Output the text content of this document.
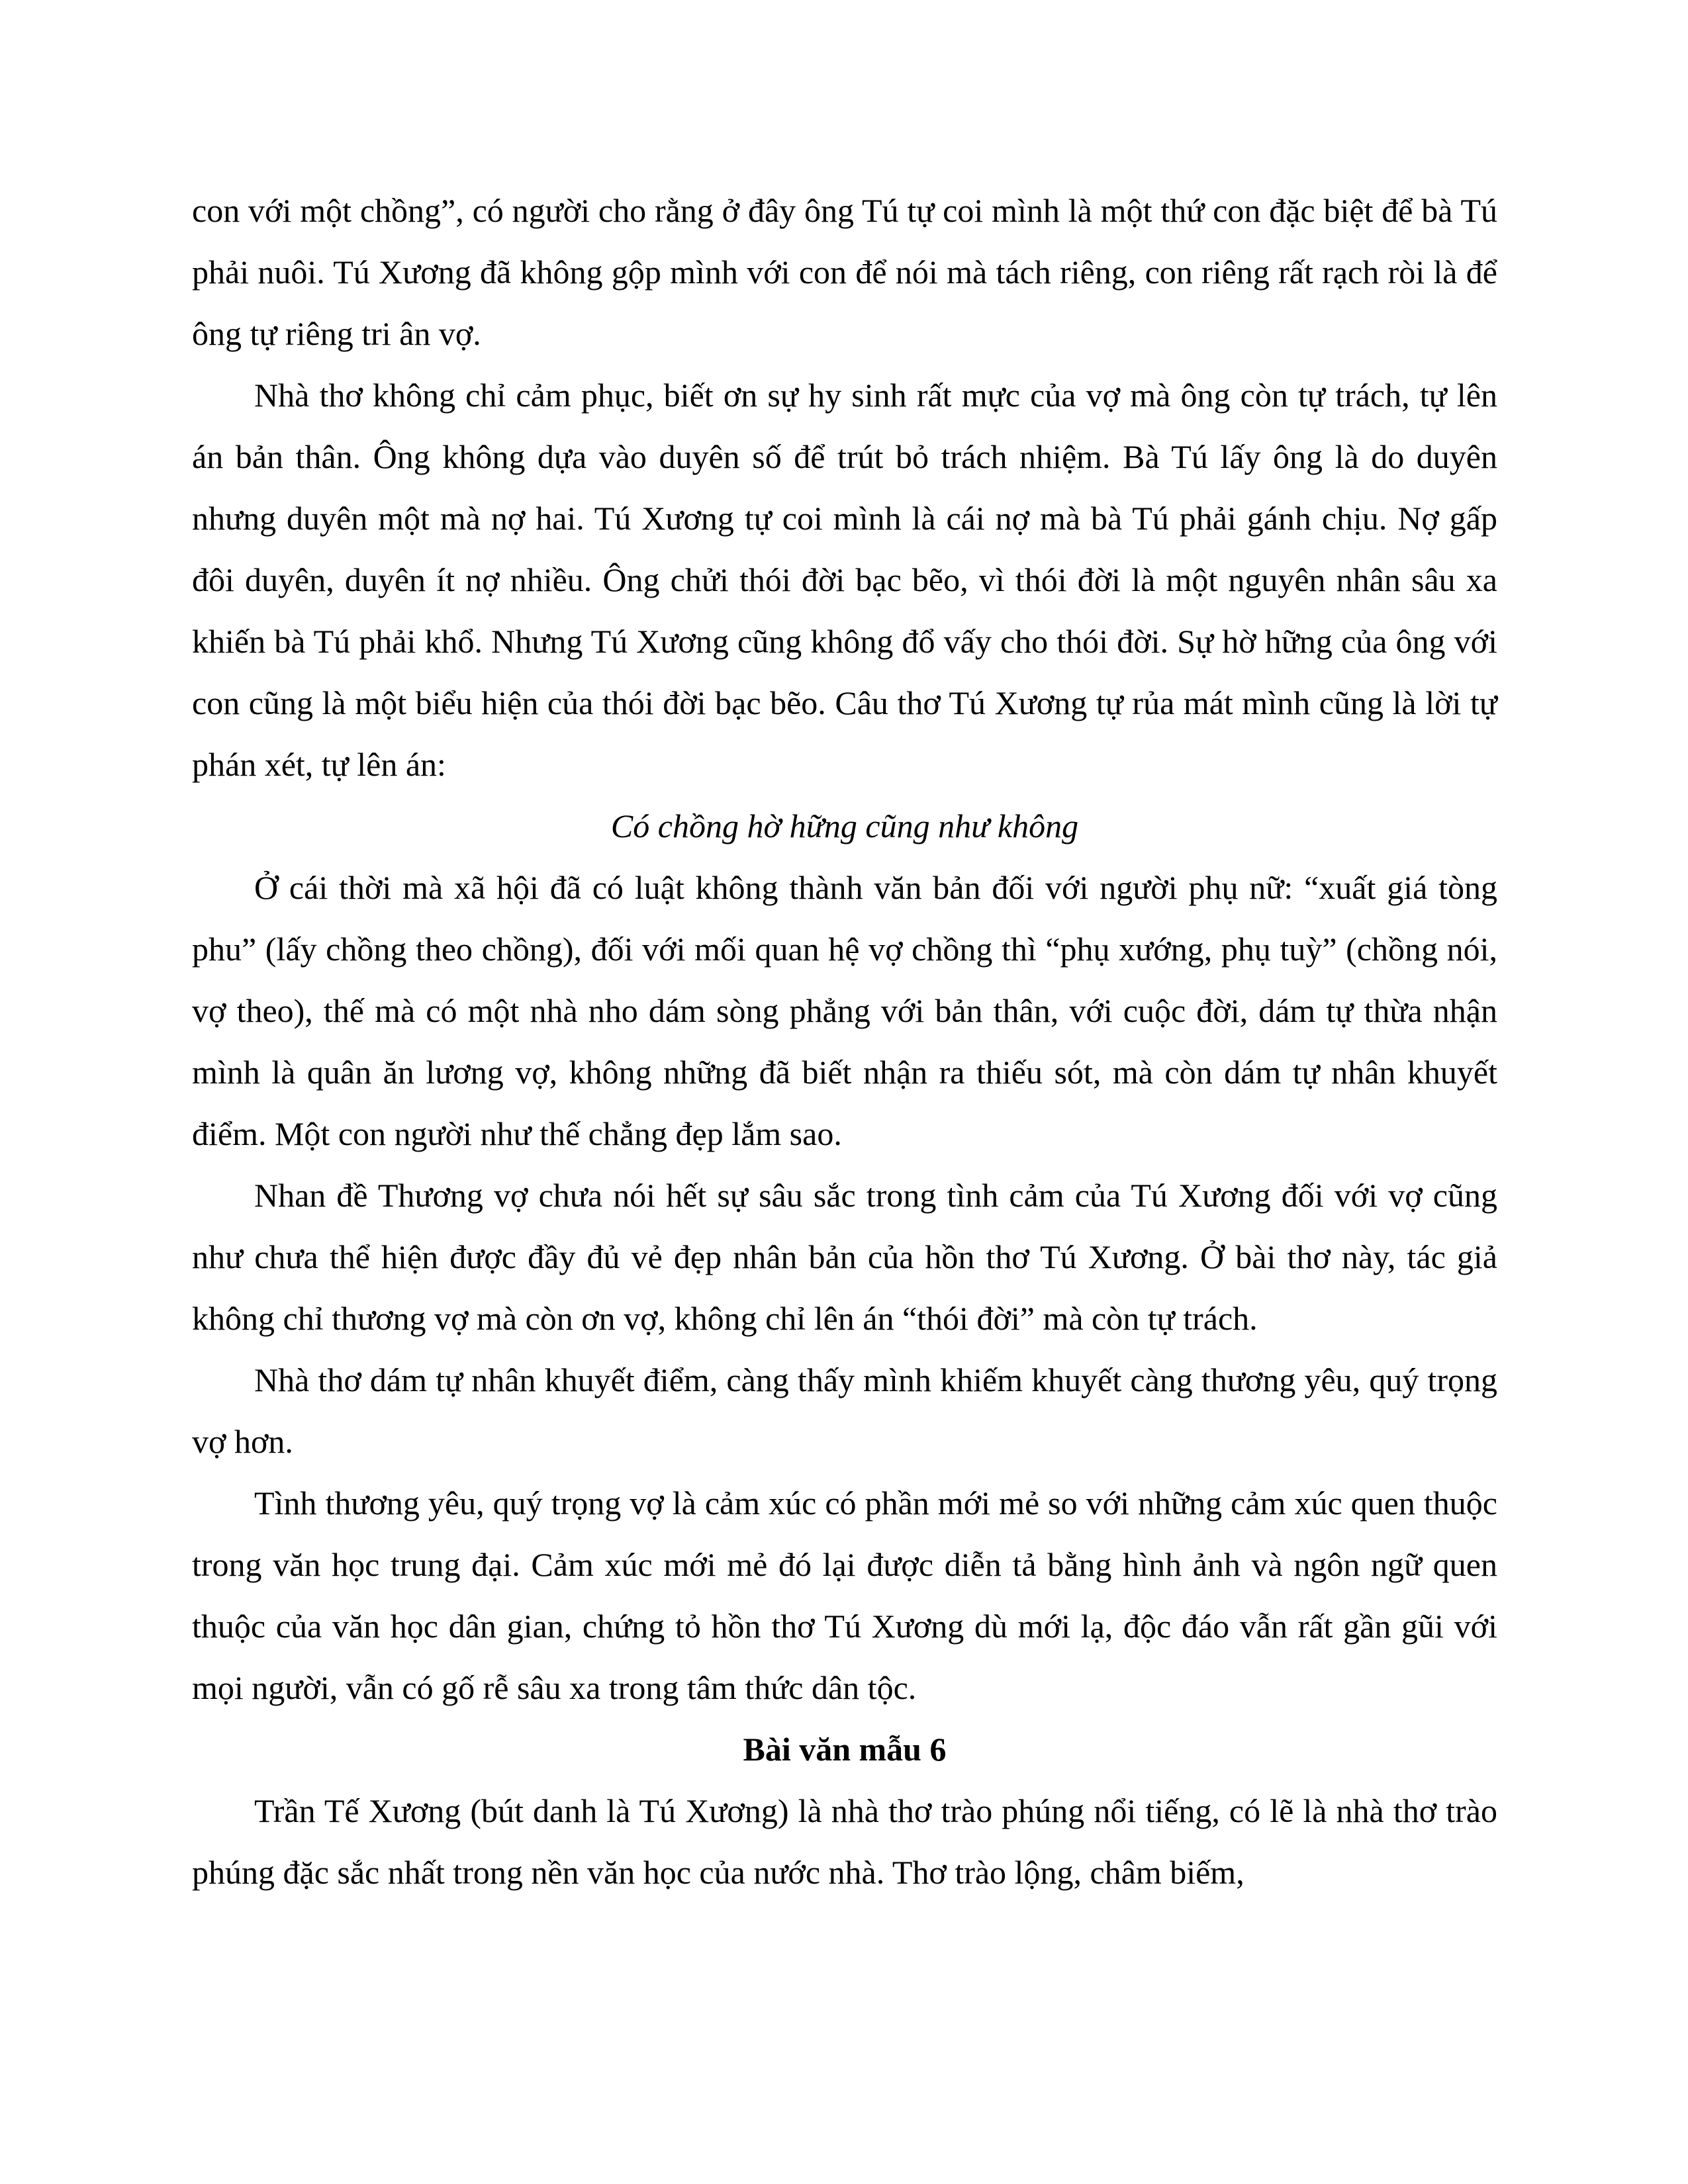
con với một chồng”, có người cho rằng ở đây ông Tú tự coi mình là một thứ con đặc biệt để bà Tú phải nuôi. Tú Xương đã không gộp mình với con để nói mà tách riêng, con riêng rất rạch ròi là để ông tự riêng tri ân vợ.

Nhà thơ không chỉ cảm phục, biết ơn sự hy sinh rất mực của vợ mà ông còn tự trách, tự lên án bản thân. Ông không dựa vào duyên số để trút bỏ trách nhiệm. Bà Tú lấy ông là do duyên nhưng duyên một mà nợ hai. Tú Xương tự coi mình là cái nợ mà bà Tú phải gánh chịu. Nợ gấp đôi duyên, duyên ít nợ nhiều. Ông chửi thói đời bạc bẽo, vì thói đời là một nguyên nhân sâu xa khiến bà Tú phải khổ. Nhưng Tú Xương cũng không đổ vấy cho thói đời. Sự hờ hững của ông với con cũng là một biểu hiện của thói đời bạc bẽo. Câu thơ Tú Xương tự rủa mát mình cũng là lời tự phán xét, tự lên án:

Có chồng hờ hững cũng như không

Ở cái thời mà xã hội đã có luật không thành văn bản đối với người phụ nữ: “xuất giá tòng phu” (lấy chồng theo chồng), đối với mối quan hệ vợ chồng thì “phụ xướng, phụ tuỳ” (chồng nói, vợ theo), thế mà có một nhà nho dám sòng phẳng với bản thân, với cuộc đời, dám tự thừa nhận mình là quân ăn lương vợ, không những đã biết nhận ra thiếu sót, mà còn dám tự nhân khuyết điểm. Một con người như thế chẳng đẹp lắm sao.

Nhan đề Thương vợ chưa nói hết sự sâu sắc trong tình cảm của Tú Xương đối với vợ cũng như chưa thể hiện được đầy đủ vẻ đẹp nhân bản của hồn thơ Tú Xương. Ở bài thơ này, tác giả không chỉ thương vợ mà còn ơn vợ, không chỉ lên án “thói đời” mà còn tự trách.

Nhà thơ dám tự nhân khuyết điểm, càng thấy mình khiếm khuyết càng thương yêu, quý trọng vợ hơn.

Tình thương yêu, quý trọng vợ là cảm xúc có phần mới mẻ so với những cảm xúc quen thuộc trong văn học trung đại. Cảm xúc mới mẻ đó lại được diễn tả bằng hình ảnh và ngôn ngữ quen thuộc của văn học dân gian, chứng tỏ hồn thơ Tú Xương dù mới lạ, độc đáo vẫn rất gần gũi với mọi người, vẫn có gố rễ sâu xa trong tâm thức dân tộc.

Bài văn mẫu 6

Trần Tế Xương (bút danh là Tú Xương) là nhà thơ trào phúng nổi tiếng, có lẽ là nhà thơ trào phúng đặc sắc nhất trong nền văn học của nước nhà. Thơ trào lộng, châm biếm,
